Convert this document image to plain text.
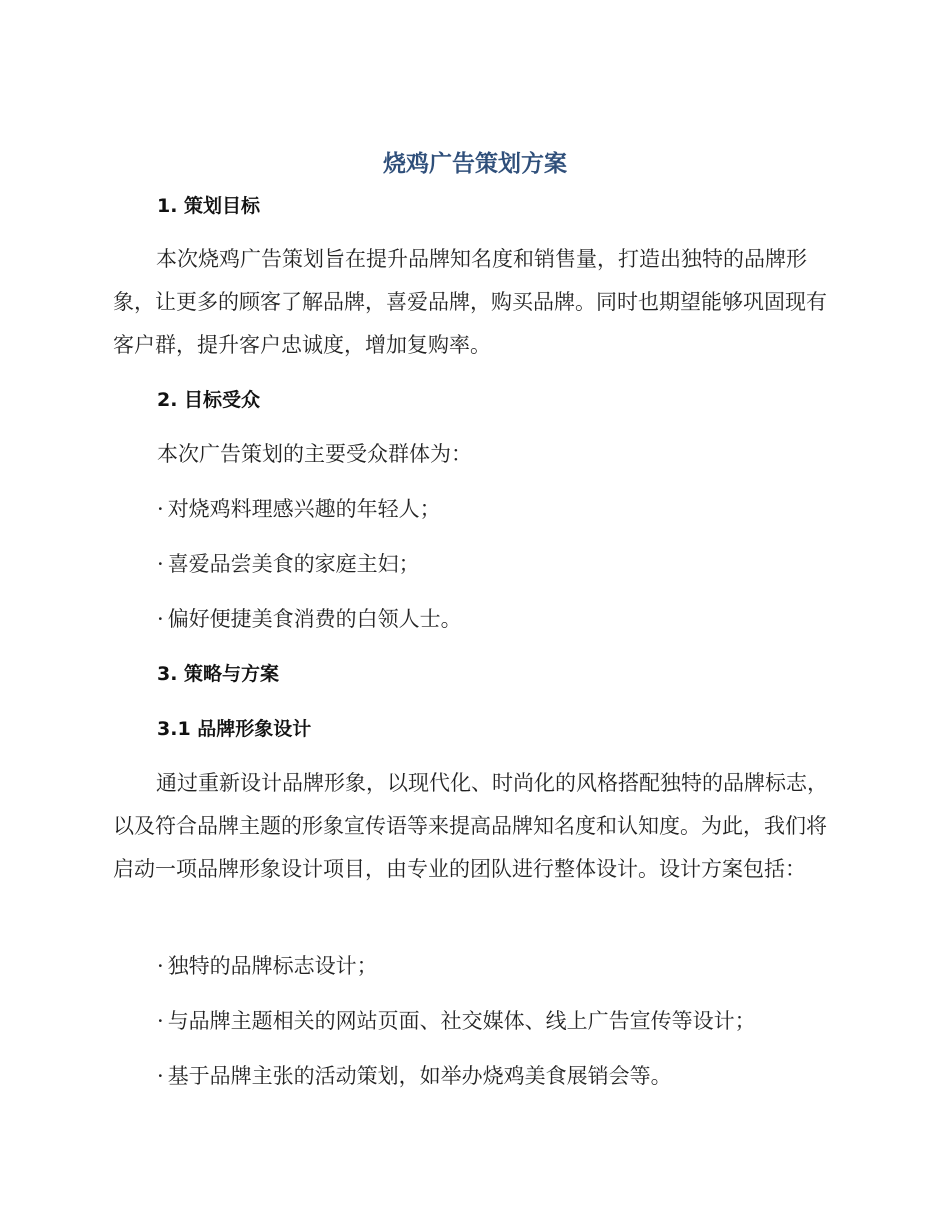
烧鸡广告策划方案
1. 策划目标

本次烧鸡广告策划旨在提升品牌知名度和销售量，打造出独特的品牌形象，让更多的顾客了解品牌，喜爱品牌，购买品牌。同时也期望能够巩固现有客户群，提升客户忠诚度，增加复购率。

2. 目标受众

本次广告策划的主要受众群体为：

· 对烧鸡料理感兴趣的年轻人；

· 喜爱品尝美食的家庭主妇；

· 偏好便捷美食消费的白领人士。

3. 策略与方案
3.1 品牌形象设计

通过重新设计品牌形象，以现代化、时尚化的风格搭配独特的品牌标志，以及符合品牌主题的形象宣传语等来提高品牌知名度和认知度。为此，我们将启动一项品牌形象设计项目，由专业的团队进行整体设计。设计方案包括：

· 独特的品牌标志设计；

· 与品牌主题相关的网站页面、社交媒体、线上广告宣传等设计；

· 基于品牌主张的活动策划，如举办烧鸡美食展销会等。
